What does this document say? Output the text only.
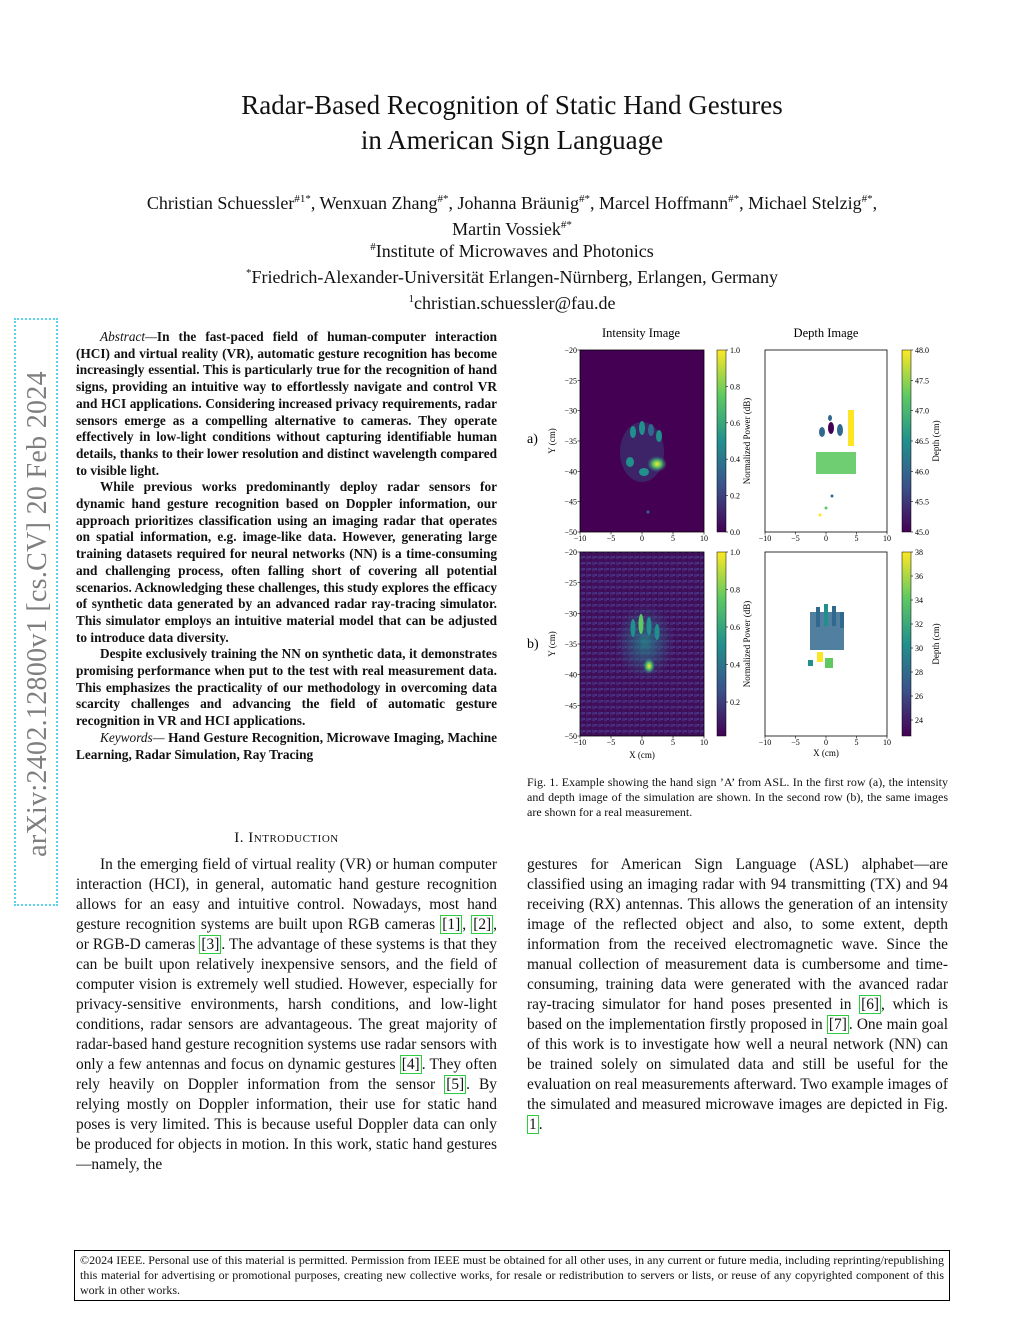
Radar-Based Recognition of Static Hand Gestures
in American Sign Language
Christian Schuessler$^{\#1*}$, Wenxuan Zhang#*, Johanna Bräunig#*, Marcel Hoffmann#*, Michael Stelzig#*,
Martin Vossiek#*
#Institute of Microwaves and Photonics
*Friedrich-Alexander-Universität Erlangen-Nürnberg, Erlangen, Germany
$^1$christian.schuessler@fau.de
arXiv:2402.12800v1 [cs.CV] 20 Feb 2024

Abstract—In the fast-paced field of human-computer interaction (HCI) and virtual reality (VR), automatic gesture recognition has become increasingly essential. This is particularly true for the recognition of hand signs, providing an intuitive way to effortlessly navigate and control VR and HCI applications. Considering increased privacy requirements, radar sensors emerge as a compelling alternative to cameras. They operate effectively in low-light conditions without capturing identifiable human details, thanks to their lower resolution and distinct wavelength compared to visible light.

While previous works predominantly deploy radar sensors for dynamic hand gesture recognition based on Doppler information, our approach prioritizes classification using an imaging radar that operates on spatial information, e.g. image-like data. However, generating large training datasets required for neural networks (NN) is a time-consuming and challenging process, often falling short of covering all potential scenarios. Acknowledging these challenges, this study explores the efficacy of synthetic data generated by an advanced radar ray-tracing simulator. This simulator employs an intuitive material model that can be adjusted to introduce data diversity.

Despite exclusively training the NN on synthetic data, it demonstrates promising performance when put to the test with real measurement data. This emphasizes the practicality of our methodology in overcoming data scarcity challenges and advancing the field of automatic gesture recognition in VR and HCI applications.

Keywords— Hand Gesture Recognition, Microwave Imaging, Machine Learning, Radar Simulation, Ray Tracing

I. Introduction

In the emerging field of virtual reality (VR) or human computer interaction (HCI), in general, automatic hand gesture recognition allows for an easy and intuitive control. Nowadays, most hand gesture recognition systems are built upon RGB cameras [1] , [2] , or RGB-D cameras [3] . The advantage of these systems is that they can be built upon relatively inexpensive sensors, and the field of computer vision is extremely well studied. However, especially for privacy-sensitive environments, harsh conditions, and low-light conditions, radar sensors are advantageous. The great majority of radar-based hand gesture recognition systems use radar sensors with only a few antennas and focus on dynamic gestures [4] . They often rely heavily on Doppler information from the sensor [5] . By relying mostly on Doppler information, their use for static hand poses is very limited. This is because useful Doppler data can only be produced for objects in motion. In this work, static hand gestures—namely, the

gestures for American Sign Language (ASL) alphabet—are classified using an imaging radar with 94 transmitting (TX) and 94 receiving (RX) antennas. This allows the generation of an intensity image of the reflected object and also, to some extent, depth information from the received electromagnetic wave. Since the manual collection of measurement data is cumbersome and time-consuming, training data were generated with the avanced radar ray-tracing simulator for hand poses presented in [6] , which is based on the implementation firstly proposed in [7] . One main goal of this work is to investigate how well a neural network (NN) can be trained solely on simulated data and still be useful for the evaluation on real measurements afterward. Two example images of the simulated and measured microwave images are depicted in Fig. 1 .

Intensity Image	Depth Image
a)
b)
Y (cm)
Y (cm)
Normalized Power (dB)
Normalized Power (dB)
Depth (cm)
Depth (cm)
X (cm)	X (cm)
−20
−25
−30
−35
−40
−45
−50
−20
−25
−30
−35
−40
−45
−50
−10	−5	0	5	10
−10	−5	0	5	10
−10 −5	0	5	10
−10 −5	0	5	10
1.0
0.8
0.6
0.4
0.2
0.0
1.0
0.8
0.6
0.4
0.2
48.0
47.5
47.0
46.5
46.0
45.5
45.0
38
36
34
32
30
28
26
24
Fig. 1. Example showing the hand sign ’A’ from ASL. In the first row (a), the intensity and depth image of the simulation are shown. In the second row (b), the same images are shown for a real measurement.
©2024 IEEE. Personal use of this material is permitted. Permission from IEEE must be obtained for all other uses, in any current or future media, including reprinting/republishing this material for advertising or promotional purposes, creating new collective works, for resale or redistribution to servers or lists, or reuse of any copyrighted component of this work in other works.
